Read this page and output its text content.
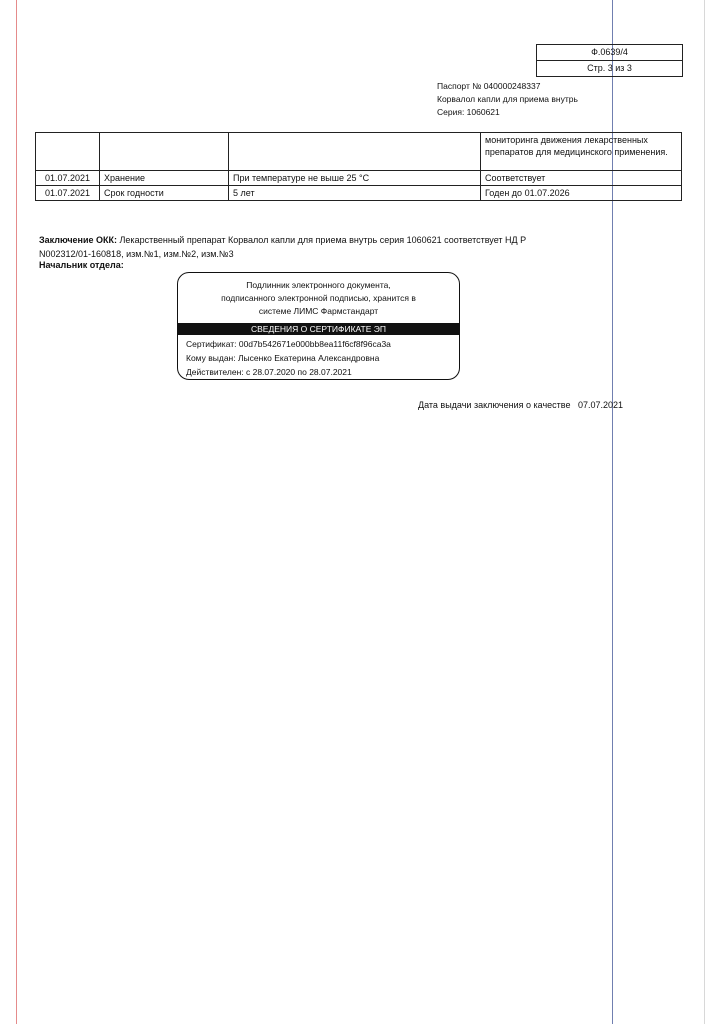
Ф.0639/4
Стр. 3 из 3
Паспорт № 040000248337
Корвалол капли для приема внутрь
Серия: 1060621
			мониторинга движения лекарственных препаратов для медицинского применения.
01.07.2021	Хранение	При температуре не выше 25 °С	Соответствует
01.07.2021	Срок годности	5 лет	Годен до 01.07.2026
Заключение ОКК: Лекарственный препарат Корвалол капли для приема внутрь серия 1060621 соответствует НД Р N002312/01-160818, изм.№1, изм.№2, изм.№3
Начальник отдела:
Подлинник электронного документа,
подписанного электронной подписью, хранится в
системе ЛИМС Фармстандарт
СВЕДЕНИЯ О СЕРТИФИКАТЕ ЭП
Сертификат: 00d7b542671e000bb8ea11f6cf8f96ca3a
Кому выдан: Лысенко Екатерина Александровна
Действителен: с 28.07.2020 по 28.07.2021
Дата выдачи заключения о качестве   07.07.2021
